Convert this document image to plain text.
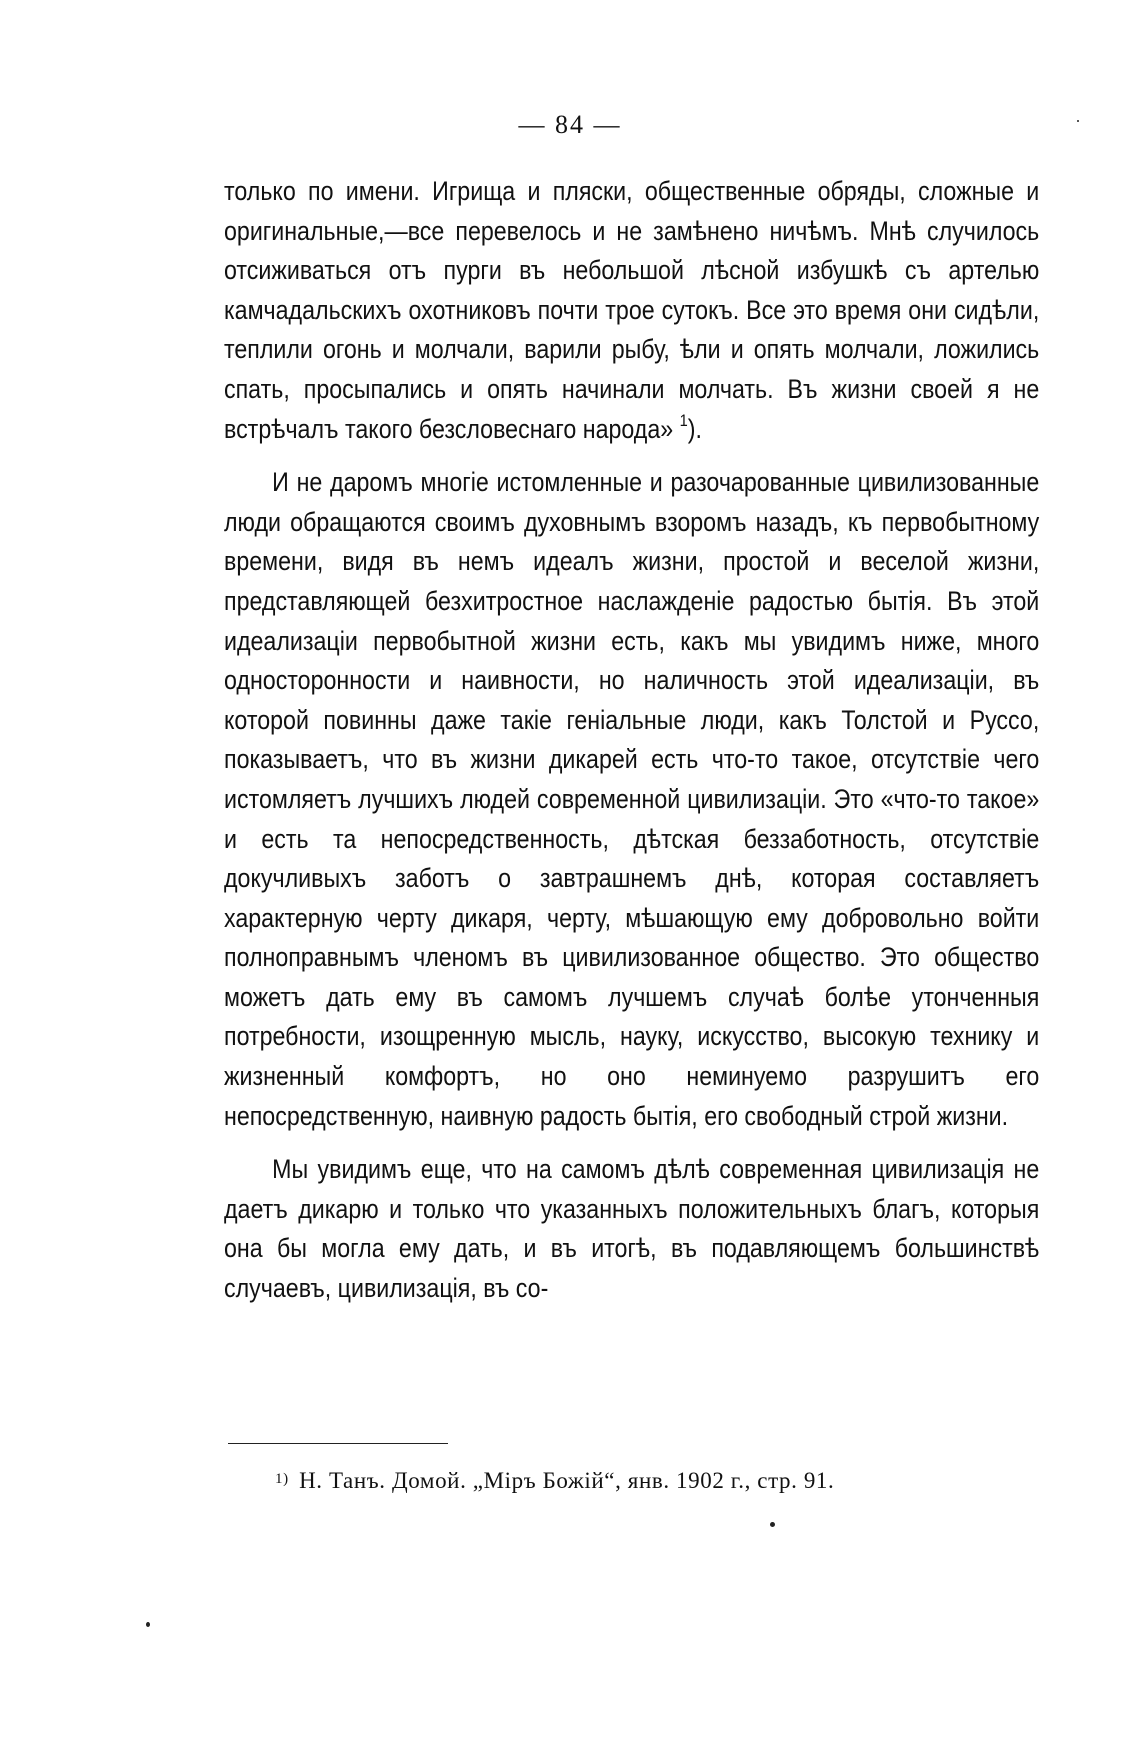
— 84 —

только по имени. Игрища и пляски, общественные обряды, сложные и оригинальные,—все перевелось и не замѣнено ничѣмъ. Мнѣ случилось отсиживаться отъ пурги въ небольшой лѣсной избушкѣ съ артелью камчадальскихъ охотниковъ почти трое сутокъ. Все это время они сидѣли, теплили огонь и молчали, варили рыбу, ѣли и опять молчали, ложились спать, просыпались и опять начинали молчать. Въ жизни своей я не встрѣчалъ такого безсловеснаго народа» $^1$).

И не даромъ многіе истомленные и разочарованные цивилизованные люди обращаются своимъ духовнымъ взоромъ назадъ, къ первобытному времени, видя въ немъ идеалъ жизни, простой и веселой жизни, представляющей безхитростное наслажденіе радостью бытія. Въ этой идеализаціи первобытной жизни есть, какъ мы увидимъ ниже, много односторонности и наивности, но наличность этой идеализаціи, въ которой повинны даже такіе геніальные люди, какъ Толстой и Руссо, показываетъ, что въ жизни дикарей есть что-то такое, отсутствіе чего истомляетъ лучшихъ людей современной цивилизаціи. Это «что-то такое» и есть та непосредственность, дѣтская беззаботность, отсутствіе докучливыхъ заботъ о завтрашнемъ днѣ, которая составляетъ характерную черту дикаря, черту, мѣшающую ему добровольно войти полноправнымъ членомъ въ цивилизованное общество. Это общество можетъ дать ему въ самомъ лучшемъ случаѣ болѣе утонченныя потребности, изощренную мысль, науку, искусство, высокую технику и жизненный комфортъ, но оно неминуемо разрушитъ его непосредственную, наивную радость бытія, его свободный строй жизни.

Мы увидимъ еще, что на самомъ дѣлѣ современная цивилизація не даетъ дикарю и только что указанныхъ положительныхъ благъ, которыя она бы могла ему дать, и въ итогѣ, въ подавляющемъ большинствѣ случаевъ, цивилизація, въ со-

$^{1)}$ Н. Танъ. Домой. „Міръ Божій“, янв. 1902 г., стр. 91.
